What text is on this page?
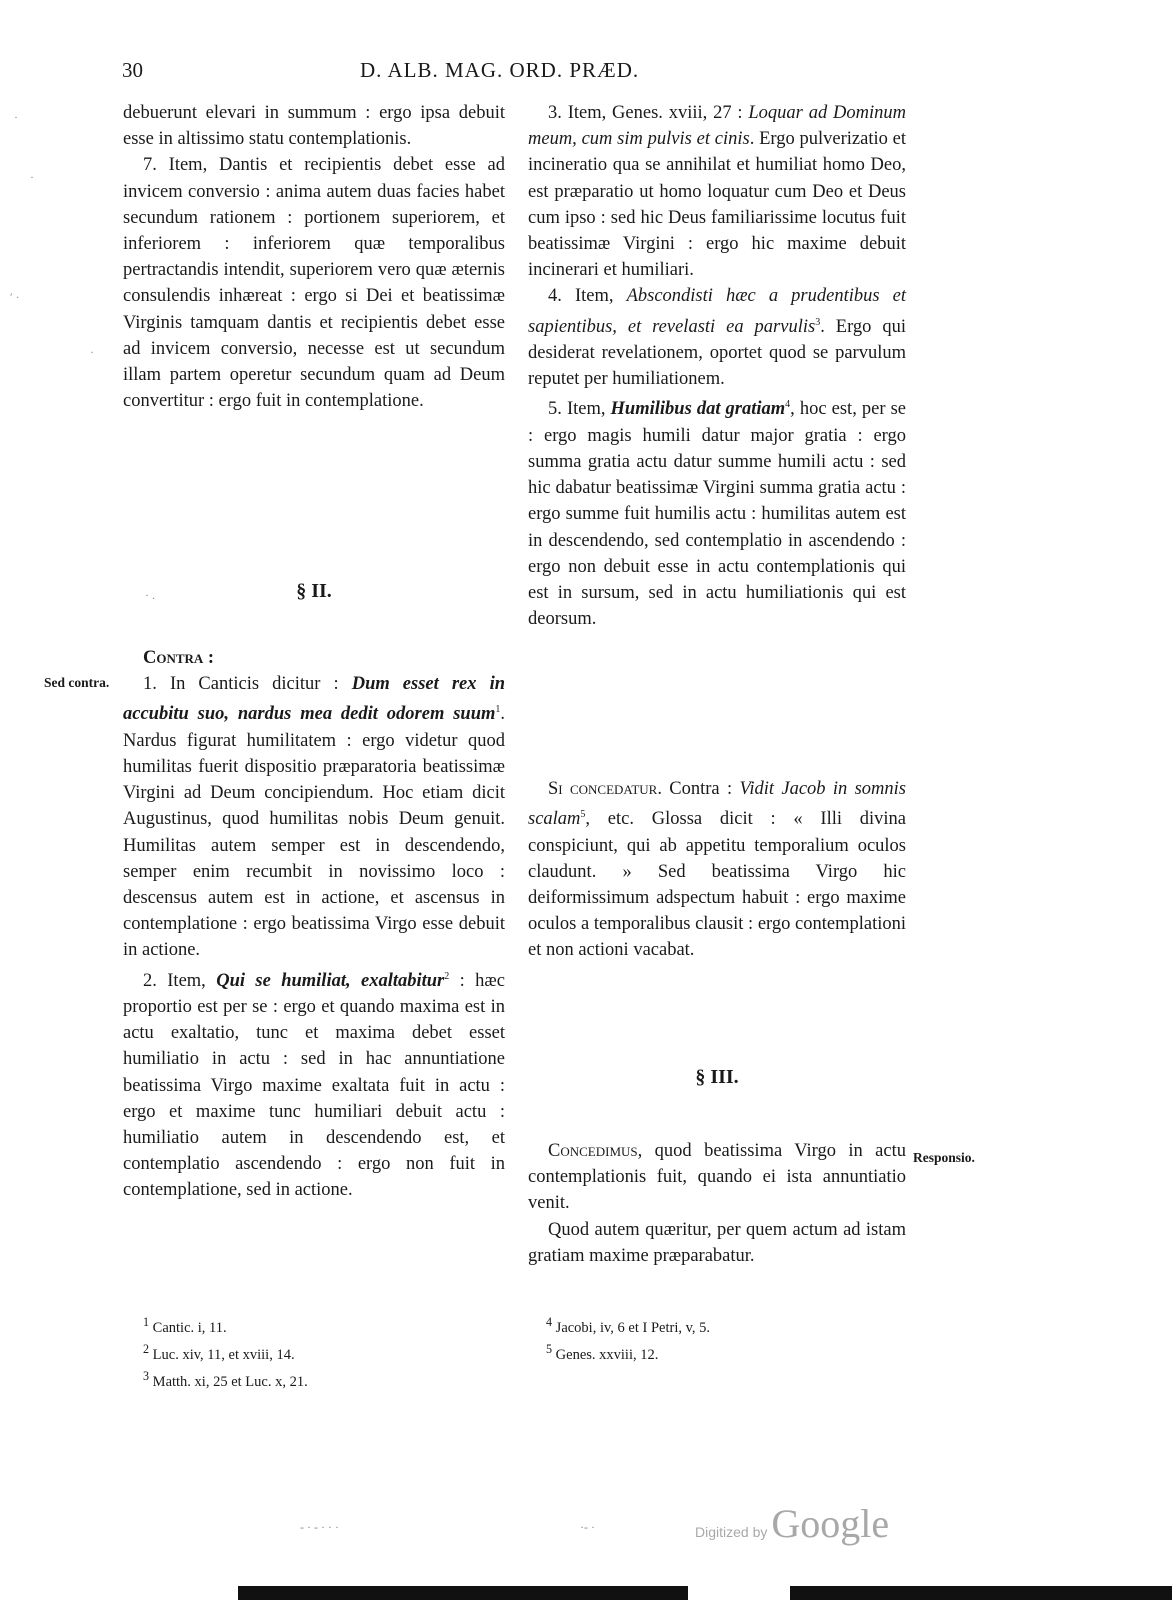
30	D. ALB. MAG. ORD. PRÆD.

debuerunt elevari in summum : ergo ipsa debuit esse in altissimo statu contemplationis.

7. Item, Dantis et recipientis debet esse ad invicem conversio : anima autem duas facies habet secundum rationem : portionem superiorem, et inferiorem : inferiorem quæ temporalibus pertractandis intendit, superiorem vero quæ æternis consulendis inhæreat : ergo si Dei et beatissimæ Virginis tamquam dantis et recipientis debet esse ad invicem conversio, necesse est ut secundum illam partem operetur secundum quam ad Deum convertitur : ergo fuit in contemplatione.

§ II.

Contra :

1. In Canticis dicitur : Dum esset rex in accubitu suo, nardus mea dedit odorem suum$^1$. Nardus figurat humilitatem : ergo videtur quod humilitas fuerit dispositio præparatoria beatissimæ Virgini ad Deum concipiendum. Hoc etiam dicit Augustinus, quod humilitas nobis Deum genuit. Humilitas autem semper est in descendendo, semper enim recumbit in novissimo loco : descensus autem est in actione, et ascensus in contemplatione : ergo beatissima Virgo esse debuit in actione.

2. Item, Qui se humiliat, exaltabitur$^2$ : hæc proportio est per se : ergo et quando maxima est in actu exaltatio, tunc et maxima debet esset humiliatio in actu : sed in hac annuntiatione beatissima Virgo maxime exaltata fuit in actu : ergo et maxime tunc humiliari debuit actu : humiliatio autem in descendendo est, et contemplatio ascendendo : ergo non fuit in contemplatione, sed in actione.

3. Item, Genes. xviii, 27 : Loquar ad Dominum meum, cum sim pulvis et cinis. Ergo pulverizatio et incineratio qua se annihilat et humiliat homo Deo, est præparatio ut homo loquatur cum Deo et Deus cum ipso : sed hic Deus familiarissime locutus fuit beatissimæ Virgini : ergo hic maxime debuit incinerari et humiliari.

4. Item, Abscondisti hæc a prudentibus et sapientibus, et revelasti ea parvulis$^3$. Ergo qui desiderat revelationem, oportet quod se parvulum reputet per humiliationem.

5. Item, Humilibus dat gratiam$^4$, hoc est, per se : ergo magis humili datur major gratia : ergo summa gratia actu datur summe humili actu : sed hic dabatur beatissimæ Virgini summa gratia actu : ergo summe fuit humilis actu : humilitas autem est in descendendo, sed contemplatio in ascendendo : ergo non debuit esse in actu contemplationis qui est in sursum, sed in actu humiliationis qui est deorsum.

Si concedatur. Contra : Vidit Jacob in somnis scalam$^5$, etc. Glossa dicit : « Illi divina conspiciunt, qui ab appetitu temporalium oculos claudunt. » Sed beatissima Virgo hic deiformissimum adspectum habuit : ergo maxime oculos a temporalibus clausit : ergo contemplationi et non actioni vacabat.

§ III.

Concedimus, quod beatissima Virgo in actu contemplationis fuit, quando ei ista annuntiatio venit.

Quod autem quæritur, per quem actum ad istam gratiam maxime præparabatur.

Sed contra.
Responsio.

$^1$ Cantic. i, 11.

$^2$ Luc. xiv, 11, et xviii, 14.

$^3$ Matth. xi, 25 et Luc. x, 21.

$^4$ Jacobi, iv, 6 et I Petri, v, 5.

$^5$ Genes. xxviii, 12.

·
·
′ ·
·
· .
- · - · · ·	·- ·	Digitized by Google
